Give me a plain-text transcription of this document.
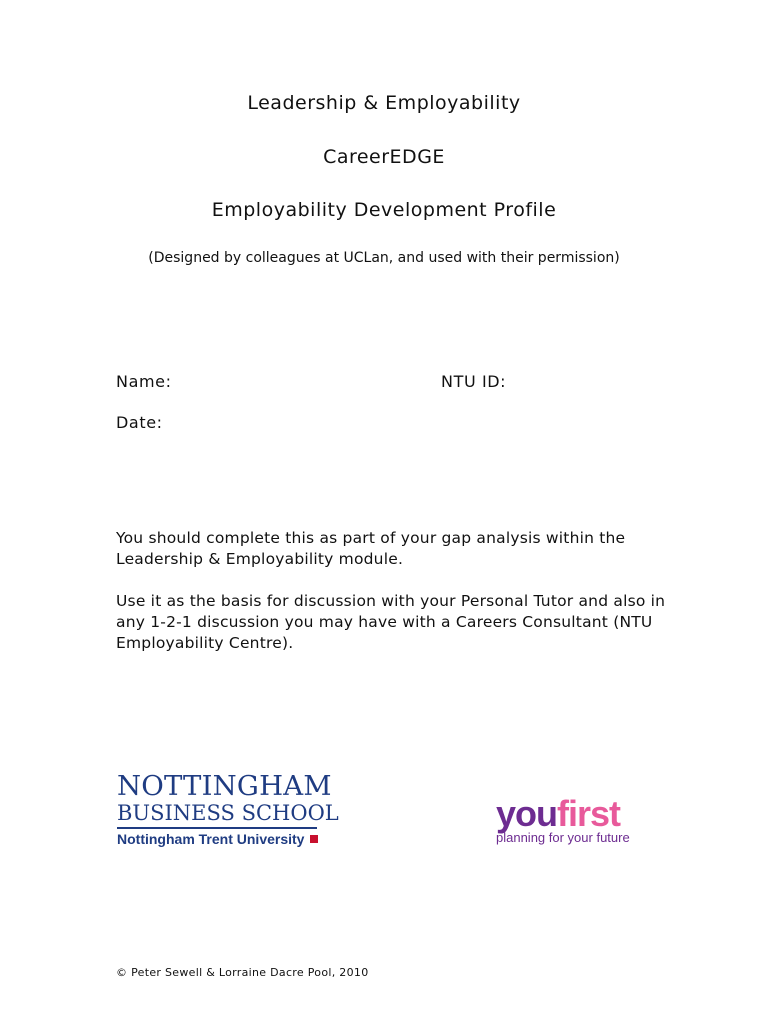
Leadership & Employability
CareerEDGE
Employability Development Profile
(Designed by colleagues at UCLan, and used with their permission)
Name:	NTU ID:
Date:

You should complete this as part of your gap analysis within the Leadership & Employability module.

Use it as the basis for discussion with your Personal Tutor and also in any 1-2-1 discussion you may have with a Careers Consultant (NTU Employability Centre).

NOTTINGHAM
BUSINESS SCHOOL
Nottingham Trent University
youfirst
planning for your future
© Peter Sewell & Lorraine Dacre Pool, 2010
